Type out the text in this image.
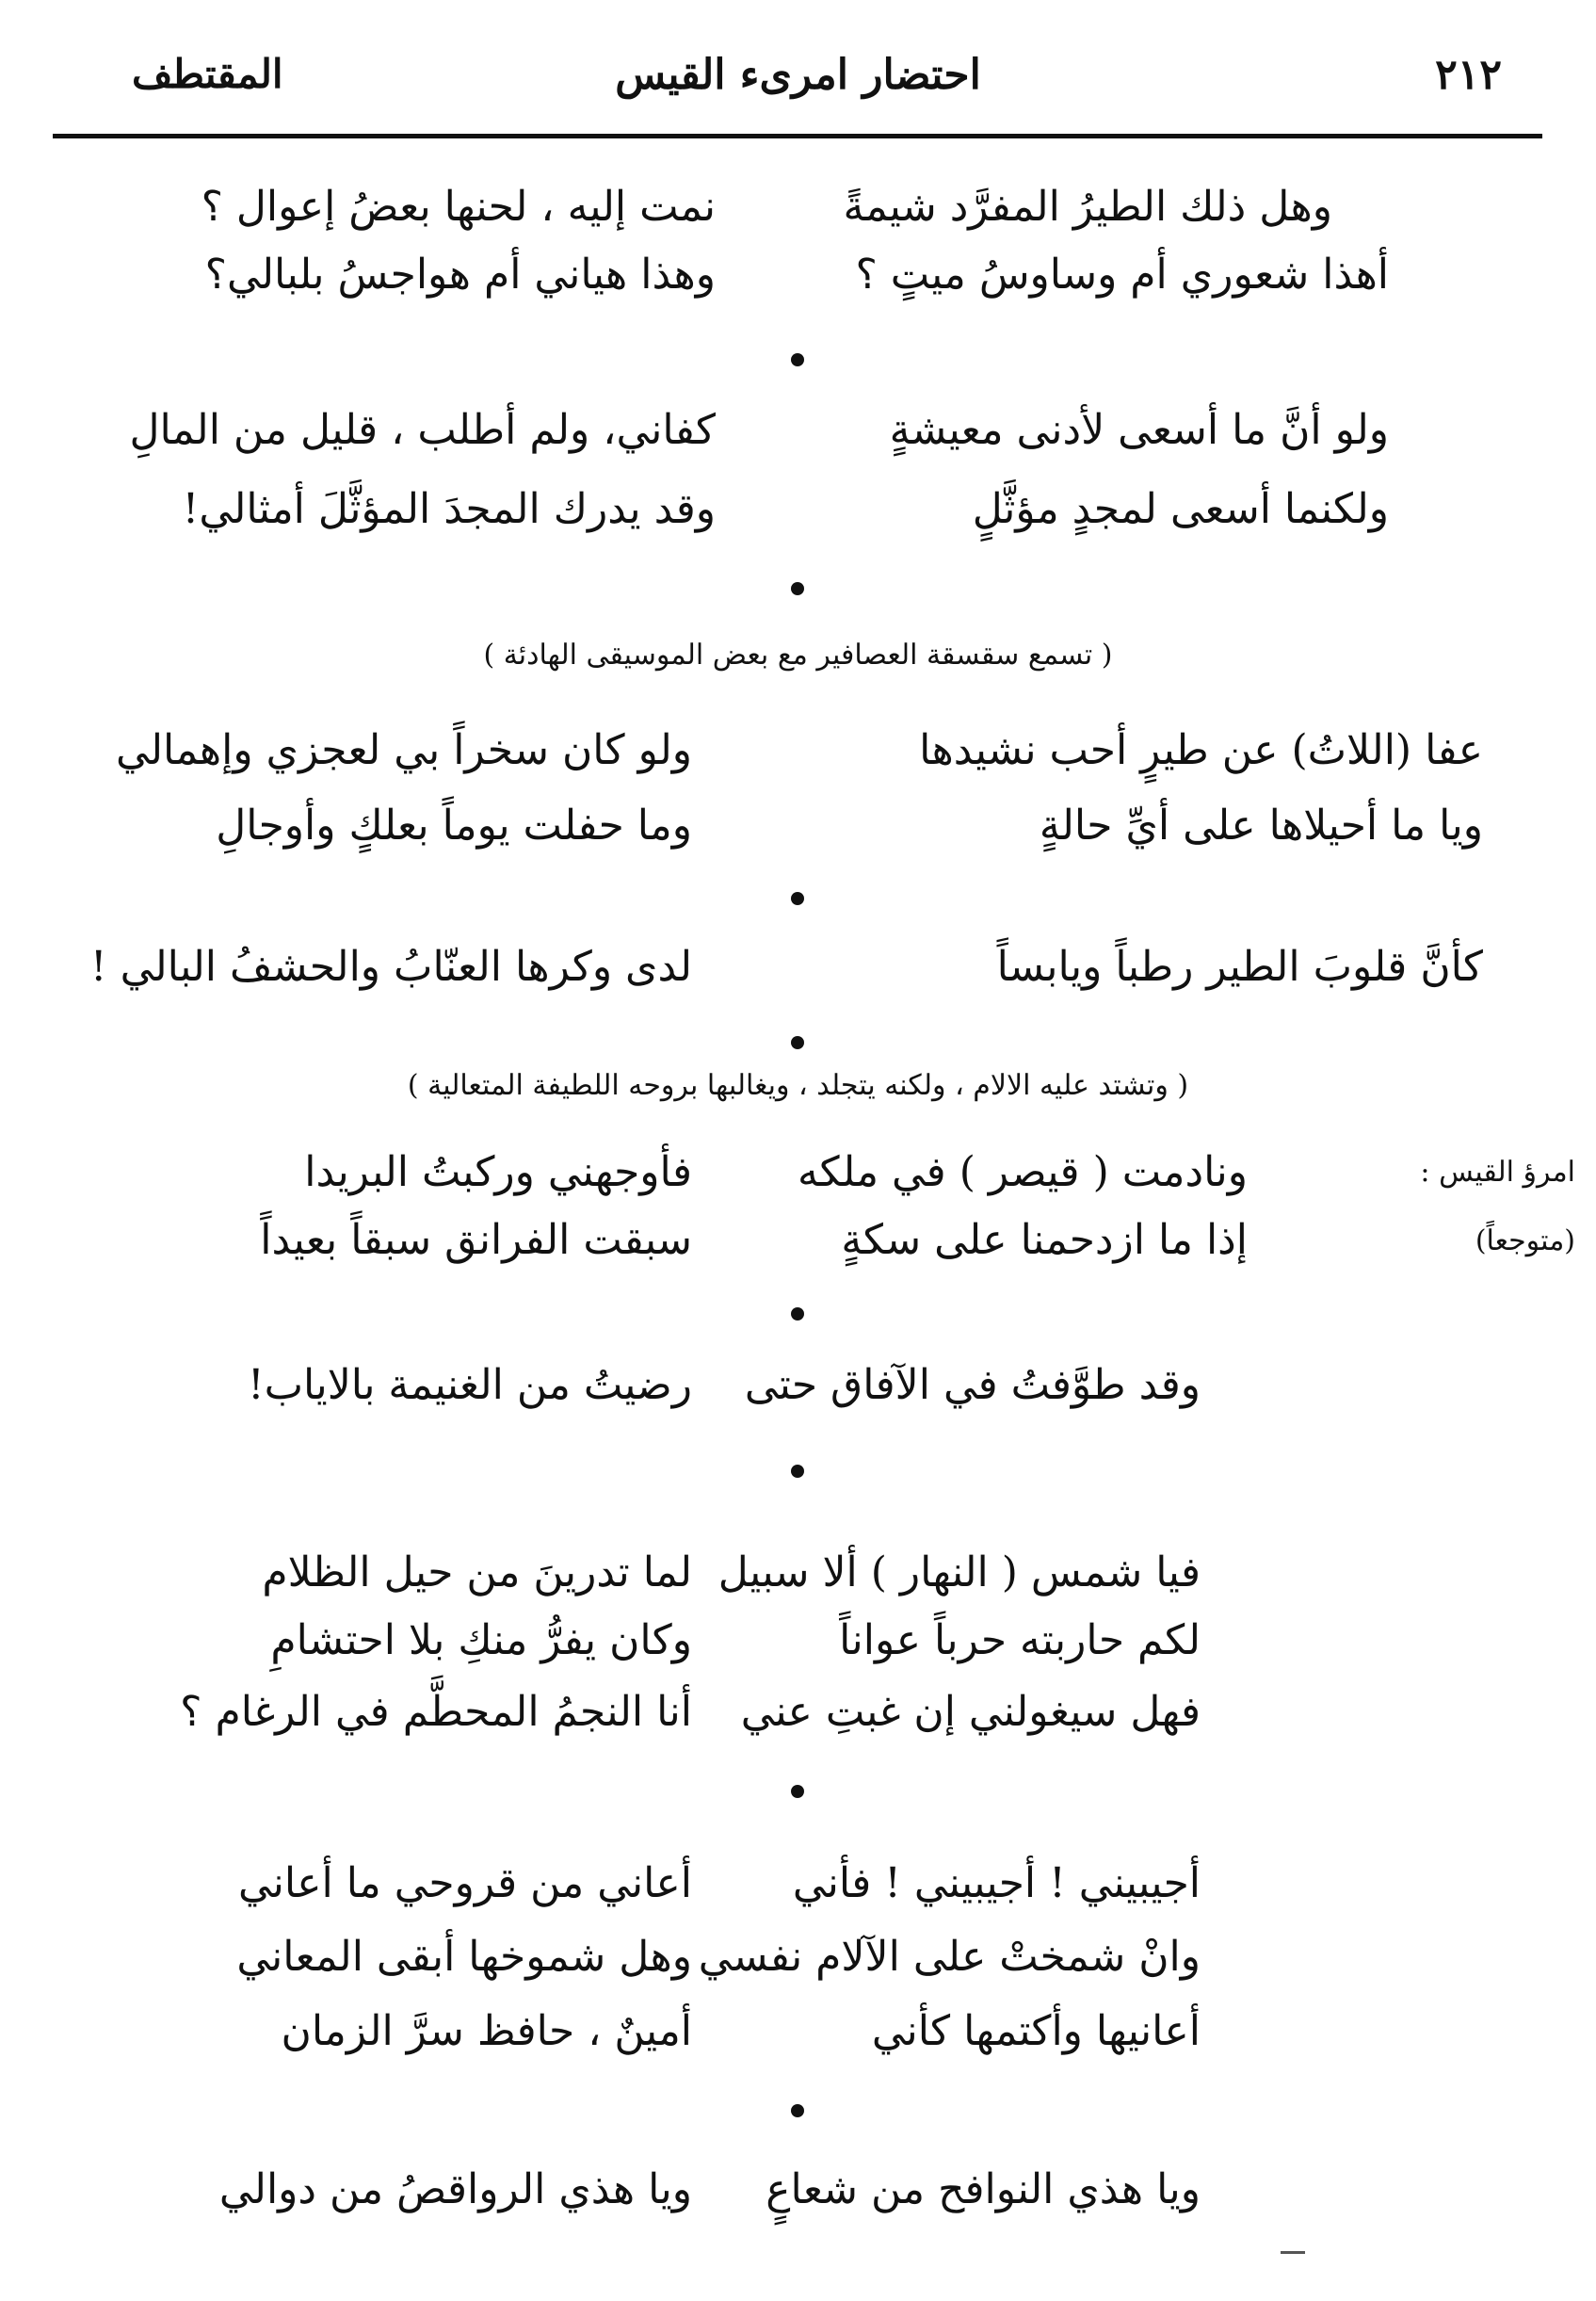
المقتطف	احتضار امرىء القيس	٢١٢
وهل ذلك الطيرُ المفرَّد شيمةً
نمت إليه ، لحنها بعضُ إعوال ؟
أهذا شعوري أم وساوسُ ميتٍ ؟
وهذا هياني أم هواجسُ بلبالي؟
ولو أنَّ ما أسعى لأدنى معيشةٍ
كفاني، ولم أطلب ، قليل من المالِ
ولكنما أسعى لمجدٍ مؤثَّلٍ
وقد يدرك المجدَ المؤثَّلَ أمثالي!
( تسمع سقسقة العصافير مع بعض الموسيقى الهادئة )
عفا (اللاتُ) عن طيرٍ أحب نشيدها
ولو كان سخراً بي لعجزي وإهمالي
ويا ما أحيلاها على أيِّ حالةٍ
وما حفلت يوماً بعلكٍ وأوجالِ
كأنَّ قلوبَ الطير رطباً ويابساً
لدى وكرها العنّابُ والحشفُ البالي !
( وتشتد عليه الالام ، ولكنه يتجلد ، ويغالبها بروحه اللطيفة المتعالية )
امرؤ القيس :
ونادمت ( قيصر ) في ملكه
فأوجهني وركبتُ البريدا
(متوجعاً)
إذا ما ازدحمنا على سكةٍ
سبقت الفرانق سبقاً بعيداً
وقد طوَّفتُ في الآفاق حتى
رضيتُ من الغنيمة بالاياب!
فيا شمس ( النهار ) ألا سبيل
لما تدرينَ من حيل الظلام
لكم حاربته حرباً عواناً
وكان يفرُّ منكِ بلا احتشامِ
فهل سيغولني إن غبتِ عني
أنا النجمُ المحطَّم في الرغام ؟
أجيبيني ! أجيبيني ! فأني
أعاني من قروحي ما أعاني
وانْ شمختْ على الآلام نفسي
وهل شموخها أبقى المعاني
أعانيها وأكتمها كأني
أمينٌ ، حافظ سرَّ الزمان
ويا هذي النوافح من شعاعٍ
ويا هذي الرواقصُ من دوالي
